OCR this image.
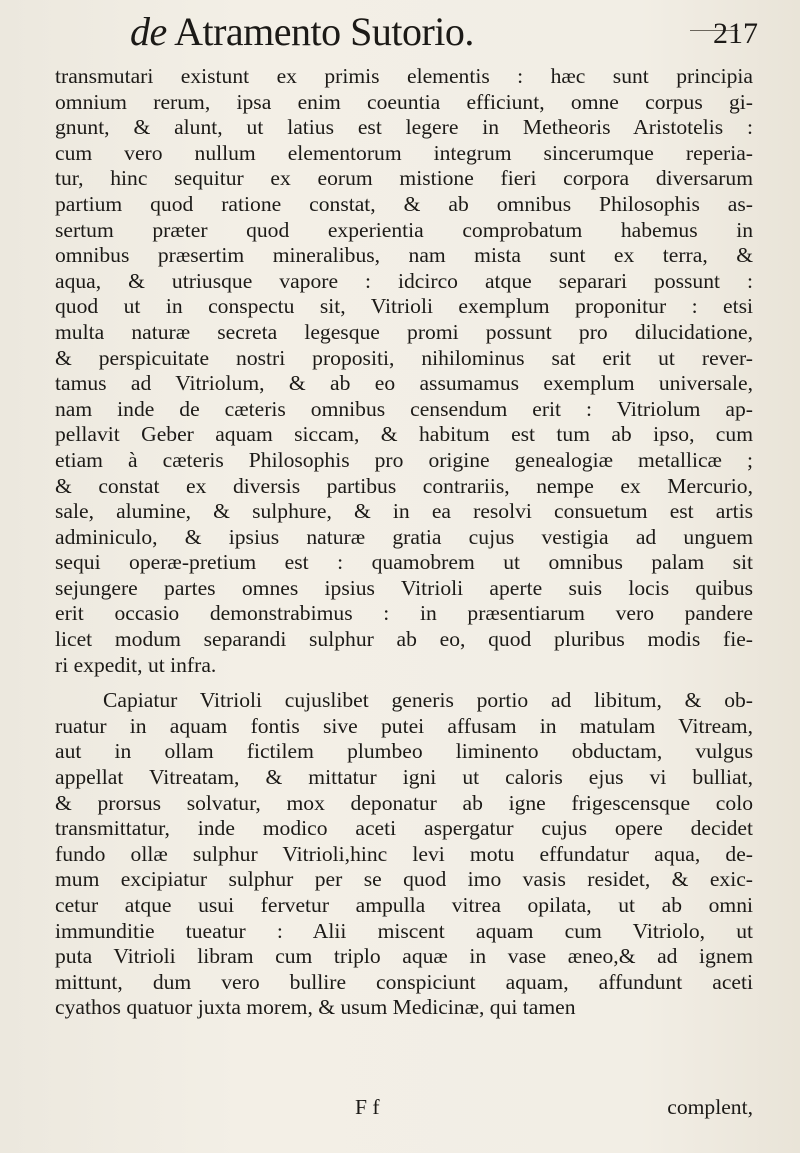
de Atramento Sutorio.	217
transmutari existunt ex primis elementis : hæc sunt principia
omnium rerum, ipsa enim coeuntia efficiunt, omne corpus gi-
gnunt, & alunt, ut latius est legere in Metheoris Aristotelis :
cum vero nullum elementorum integrum sincerumque reperia-
tur, hinc sequitur ex eorum mistione fieri corpora diversarum
partium quod ratione constat, & ab omnibus Philosophis as-
sertum præter quod experientia comprobatum habemus in
omnibus præsertim mineralibus, nam mista sunt ex terra, &
aqua, & utriusque vapore : idcirco atque separari possunt :
quod ut in conspectu sit, Vitrioli exemplum proponitur : etsi
multa naturæ secreta legesque promi possunt pro dilucidatione,
& perspicuitate nostri propositi, nihilominus sat erit ut rever-
tamus ad Vitriolum, & ab eo assumamus exemplum universale,
nam inde de cæteris omnibus censendum erit : Vitriolum ap-
pellavit Geber aquam siccam, & habitum est tum ab ipso, cum
etiam à cæteris Philosophis pro origine genealogiæ metallicæ ;
& constat ex diversis partibus contrariis, nempe ex Mercurio,
sale, alumine, & sulphure, & in ea resolvi consuetum est artis
adminiculo, & ipsius naturæ gratia cujus vestigia ad unguem
sequi operæ-pretium est : quamobrem ut omnibus palam sit
sejungere partes omnes ipsius Vitrioli aperte suis locis quibus
erit occasio demonstrabimus : in præsentiarum vero pandere
licet modum separandi sulphur ab eo, quod pluribus modis fie-
ri expedit, ut infra.
Capiatur Vitrioli cujuslibet generis portio ad libitum, & ob-
ruatur in aquam fontis sive putei affusam in matulam Vitream,
aut in ollam fictilem plumbeo liminento obductam, vulgus
appellat Vitreatam, & mittatur igni ut caloris ejus vi bulliat,
& prorsus solvatur, mox deponatur ab igne frigescensque colo
transmittatur, inde modico aceti aspergatur cujus opere decidet
fundo ollæ sulphur Vitrioli,hinc levi motu effundatur aqua, de-
mum excipiatur sulphur per se quod imo vasis residet, & exic-
cetur atque usui fervetur ampulla vitrea opilata, ut ab omni
immunditie tueatur : Alii miscent aquam cum Vitriolo, ut
puta Vitrioli libram cum triplo aquæ in vase æneo,& ad ignem
mittunt, dum vero bullire conspiciunt aquam, affundunt aceti
cyathos quatuor juxta morem, & usum Medicinæ, qui tamen
F f	complent,
